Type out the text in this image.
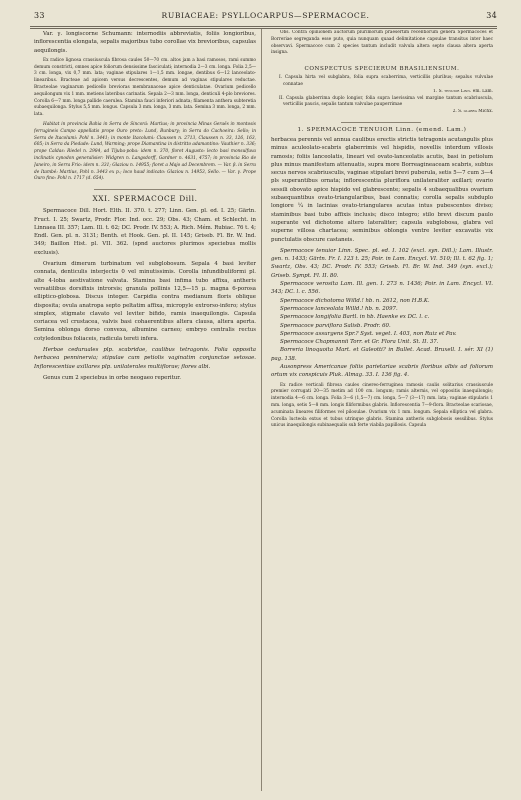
33	RUBIACEAE: PSYLLOCARPUS—SPERMACOCE.	34

Var. γ. longiscorne Schumann: internodiis abbreviatis, foliis longioribus, inflorescentia elongata, sepalis majoribus tubo corollae vix brevioribus, capsulas aequilongis.

Ex radice lignosa crassiuscula fibrosa caules 50—70 cm. altos jam a basi ramosos, rami summo demum constricti, omnes apice foliorum densissime fasciculati; internodia 2—3 cm. longa. Folia 2,5—3 cm. longa, vix 0,7 mm. lata; vaginae stipulares 1—1,5 mm. longae, dentibus 6—12 lanceolato-linearibus. Bracteae ad apicem versus decrescentes, demum ad vaginas stipulares reductae. Bracteolae vaginarum pedicello brevioras membranaceae apice denticulatae. Ovarium pedicello aequilongum vix 1 mm. metiens lateribus carinatis. Sepala 2—3 mm. longa, denticuli 4-plo breviores. Corolla 6—7 mm. longa pallide caerulea. Stamina fauci inferiori adnata; filamenta anthera subteretia subaequilonga. Stylus 5,5 mm. longus. Capsula 3 mm. longa, 3 mm. lata. Semina 3 mm. longa, 2 mm. lata.

Habitat in provincia Bahia in Serra de Sincorá: Martius; in provincia Minas Geraës in montosis ferrugineis Campo appellatis prope Ouro preto: Lund, Bunbury; in Serra do Cachoeira: Sello; in Serra de Itacolumi: Pohl n. 3441; in monte Itacolumi: Claussen n. 2713, Claussen n. 33, 126, 163, 605; in Serra da Piedade: Lund, Warming; prope Diamantina in distritto adamantino: Vauthier n. 336; prope Caldas: Riedel n. 2984, ad Tijuba-poba: idem n. 370, floret Augusto: lecto basi monsulfuva inclinatis cynodon generalisier: Widgren n. Langsdorff, Gardner n. 4631, 4757; in provincia Rio de Janeiro, in Serra Frio: idem n. 331; Glaziou n. 14955; floret a Majo ad Decembrem. — Var. β. in Serra de Itambé: Martius, Pohl n. 3443 ex p.; loco haud indicato: Glaziou n. 14953, Sello. — Var. γ. Prope Ouro fino: Pohl n. 1717 (d. 654).

XXI. SPERMACOCE Dill.

Spermacoce Dill. Hort. Elth. II. 370. t. 277; Linn. Gen. pl. ed. I. 25; Gärtn. Fruct. I. 25; Swartz, Prodr. Flor. Ind. occ. 29; Obs. 43; Cham. et Schlecht. in Linnaea III. 357; Lam. Ill. t. 62; DC. Prodr. IV. 553; A. Rich. Mém. Rubiac. 76 t. 4; Endl. Gen. pl. n. 3131; Benth. et Hook. Gen. pl. II. 145; Griseb. Fl. Br. W. Ind. 349; Baillon Hist. pl. VII. 362. (spnd auctores plurimos speciebus mollis exclusis).

Ovarium dimerum turbinatum vel subglobosum. Sepala 4 basi leviter connata, denticulis interjectis 0 vel minutissimis. Corolla infundibuliformi pl. alte 4-loba aestivatione valvata. Stamina basi infima tubo affixa, antheris versatilibus dorsifixis introrsis; granula pollinis 12,5—15 μ. magna 6-porosa elliptico-globosa. Discus integer. Carpidia contra medianum floris oblique disposita; ovula anatropa septo peltatim affixa, micropyle extrorso-infero; stylus simplex, stigmate clavato vel leviter bifido, ramis inaequilongis. Capsula coriacea vel crustacea, valvis basi cohaerentibus altera clausa, altera aperta. Semina oblonga dorso convexa, albumine carneo; embryo centralis rectus cotyledonibus foliaceis, radicula tereti infera.

Herbae ceduruales plp. scabridae, caulibus tetragonis. Folia opposita herbacea penninervia; stipulae cum petiolis vaginatim conjunctae setosae. Inflorescentiae axillares plp. unilaterales multiflorae; flores albi.

Genus cum 2 speciebus in orbe neogaeo reperitur.

Obs. Contra opinionem auctorum plurimorum praesertim recentiorum genera Spermacoces et Borreriae segreganda esse puto, quia nunquam quaad delimitatione capsulae transitus inter haec observavi. Spermacoce cum 2 species tantum includit valvula altera septo clausa altera aperta insigna.

CONSPECTUS SPECIERUM BRASILIENSIUM.

I. Capsula hirta vel subglabra, folia supra scaberrima, verticillis pluribus; sepalus vulvulae connatae

1. S. tenuior Linn. em. Lam.

II. Capsula glaberrima duplo longior, folia supra laevissima vel margine tantum scabriuscula, verticillis paucis, sepalis tantum valvulae pauperrimae

2. S. glabra Michx.
1. SPERMACOCE TENUIOR Linn. (emend. Lam.)

herbacea perennis vel annua caulibus erectis strictis tetragonis acutangulis plus minus aculeolato-scabris glaberrimis vel hispidis, novellis interdum villosis ramosis; foliis lanceolatis, lineari vel ovato-lanceolatis acutis, basi in petiolum plus minus manifestum attenuatis, supra more Borreagineaceam scabris, subtus secus nervos scabriusculis, vaginae stipulari brevi puberula, setis 5—7 cum 3—4 pls superantibus ornata; inflorescentia pluriflora unilateraliter axillari; ovario sessili obovato apice hispido vel glabrescente; sepalis 4 subaequalibus ovarium subaequantibus ovato-triangularibus, basi connatis; corolla sepalis subduplo longiore ¼ in lacinias ovato-triangulares acutas intus pubescentes diviso; staminibus basi tubo affixis inclusis; disco integro; stilo brevi discum paulo superante vel dichotome altero lateraliter; capsula subglobosa, glabra vel superne villosa chartacea; seminibus oblongis ventre leviter excavatis vix punctulatis obscure castaneis.

Spermacoce tenuior Linn. Spec. pl. ed. I. 102 (excl. syn. Dill.); Lam. Illustr. gen. n. 1433; Gärtn. Fr. I. 123 t. 25; Poir. in Lam. Encycl. VI. 510; Ill. t. 62 fig. 1; Swartz, Obs. 43; DC. Prodr. IV. 553; Griseb. Fl. Br. W. Ind. 349 (syn. excl.); Griseb. Sympt. Fl. II. 80.

Spermacoce verosita Lam. Ill. gen. I. 273 n. 1436; Poir. in Lam. Encycl. VI. 343; DC. l. c. 556.

Spermacoce dichotoma Willd.! hb. n. 2612, non H.B.K.

Spermacoce lanceolata Willd.! hb. n. 2097.

Spermacoce longifolia Bartl. in hb. Haenke ex DC. l. c.

Spermacoce parviflora Salisb. Prodr. 60.

Spermacoce assurgens Spr.? Syst. veget. I. 403, non Ruiz et Pav.

Spermacoce Chapmannii Torr. et Gr. Flora Unit. St. II. 37.

Borreria linoquoita Mart. et Galeotti? in Bullet. Acad. Bruxell. I. sér. XI (1) pag. 138.

Ausonpress Americanae foliis parietariae scabris floribus albis ad foliorum ortum vix conspicuis Pluk. Almag. 33. I. 136 fig. 4.

Ex radice verticali fibrosa caules cinereo-ferruginea ramosis caulis solitarius crassiuscule premier corrugati 20—35 metim ad 100 cm. longum; ramis alternis, vel oppositis inaequilongis; internodia 4—6 cm. longa. Folia 3—6 (1,5—7) cm. longa, 5—7 (3—17) mm. lata; vaginae stipularis 1 mm. longa, setis 5—8 mm. longis filiformibus glabris. Inflorescentia 7—9-flora. Bracteolae scariosae, acuminata lineares filiformes vel pilosulae. Ovarium vix 1 mm. longum. Sepala elliptica vel glabra. Corolla lucteola extus et tubus utrinque glabris. Stamina antheris subglobosis sessilibus. Stylus unicus inaequilongis subinaequalis sub ferte viabila papillosis. Capsula
